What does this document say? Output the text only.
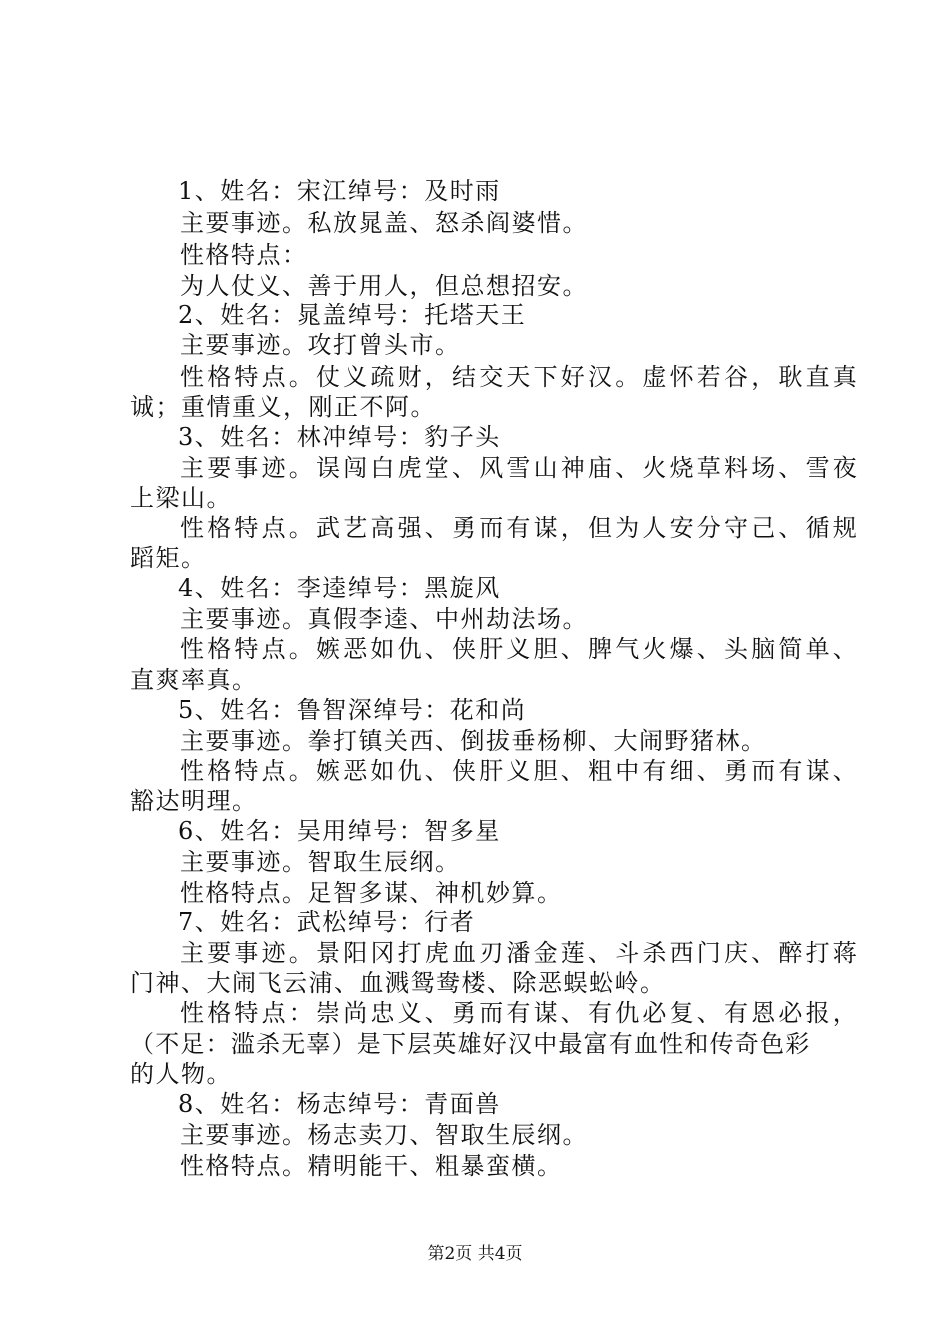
1、姓名：宋江绰号：及时雨
主要事迹。私放晁盖、怒杀阎婆惜。
性格特点：
为人仗义、善于用人，但总想招安。
2、姓名：晁盖绰号：托塔天王
主要事迹。攻打曾头市。
性格特点。仗义疏财，结交天下好汉。虚怀若谷，耿直真
诚；重情重义，刚正不阿。
3、姓名：林冲绰号：豹子头
主要事迹。误闯白虎堂、风雪山神庙、火烧草料场、雪夜
上梁山。
性格特点。武艺高强、勇而有谋，但为人安分守己、循规
蹈矩。
4、姓名：李逵绰号：黑旋风
主要事迹。真假李逵、中州劫法场。
性格特点。嫉恶如仇、侠肝义胆、脾气火爆、头脑简单、
直爽率真。
5、姓名：鲁智深绰号：花和尚
主要事迹。拳打镇关西、倒拔垂杨柳、大闹野猪林。
性格特点。嫉恶如仇、侠肝义胆、粗中有细、勇而有谋、
豁达明理。
6、姓名：吴用绰号：智多星
主要事迹。智取生辰纲。
性格特点。足智多谋、神机妙算。
7、姓名：武松绰号：行者
主要事迹。景阳冈打虎血刃潘金莲、斗杀西门庆、醉打蒋
门神、大闹飞云浦、血溅鸳鸯楼、除恶蜈蚣岭。
性格特点：崇尚忠义、勇而有谋、有仇必复、有恩必报，
（不足：滥杀无辜）是下层英雄好汉中最富有血性和传奇色彩
的人物。
8、姓名：杨志绰号：青面兽
主要事迹。杨志卖刀、智取生辰纲。
性格特点。精明能干、粗暴蛮横。
第2页 共4页
